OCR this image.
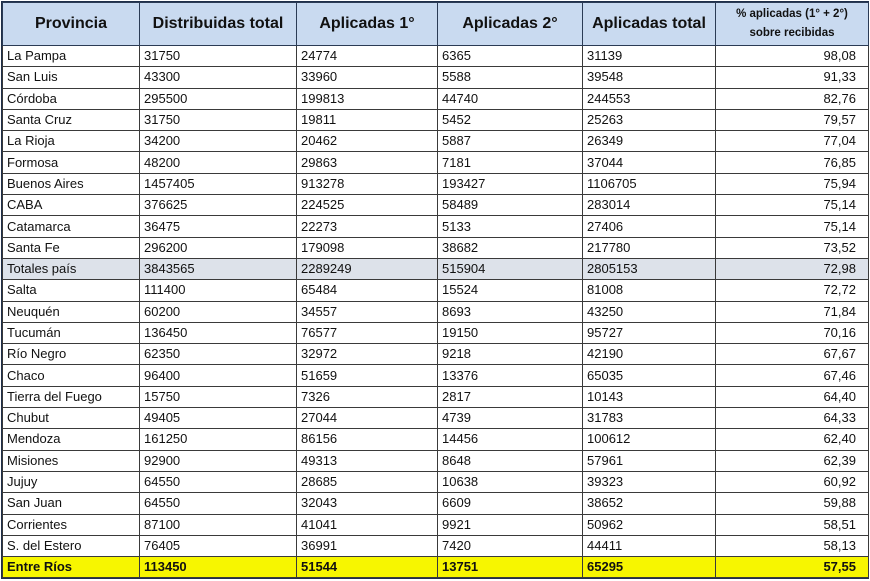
Provincia	Distribuidas total	Aplicadas 1°	Aplicadas 2°	Aplicadas total	% aplicadas (1° + 2°)
sobre recibidas
La Pampa	31750	24774	6365	31139	98,08
San Luis	43300	33960	5588	39548	91,33
Córdoba	295500	199813	44740	244553	82,76
Santa Cruz	31750	19811	5452	25263	79,57
La Rioja	34200	20462	5887	26349	77,04
Formosa	48200	29863	7181	37044	76,85
Buenos Aires	1457405	913278	193427	1106705	75,94
CABA	376625	224525	58489	283014	75,14
Catamarca	36475	22273	5133	27406	75,14
Santa Fe	296200	179098	38682	217780	73,52
Totales país	3843565	2289249	515904	2805153	72,98
Salta	111400	65484	15524	81008	72,72
Neuquén	60200	34557	8693	43250	71,84
Tucumán	136450	76577	19150	95727	70,16
Río Negro	62350	32972	9218	42190	67,67
Chaco	96400	51659	13376	65035	67,46
Tierra del Fuego	15750	7326	2817	10143	64,40
Chubut	49405	27044	4739	31783	64,33
Mendoza	161250	86156	14456	100612	62,40
Misiones	92900	49313	8648	57961	62,39
Jujuy	64550	28685	10638	39323	60,92
San Juan	64550	32043	6609	38652	59,88
Corrientes	87100	41041	9921	50962	58,51
S. del Estero	76405	36991	7420	44411	58,13
Entre Ríos	113450	51544	13751	65295	57,55
